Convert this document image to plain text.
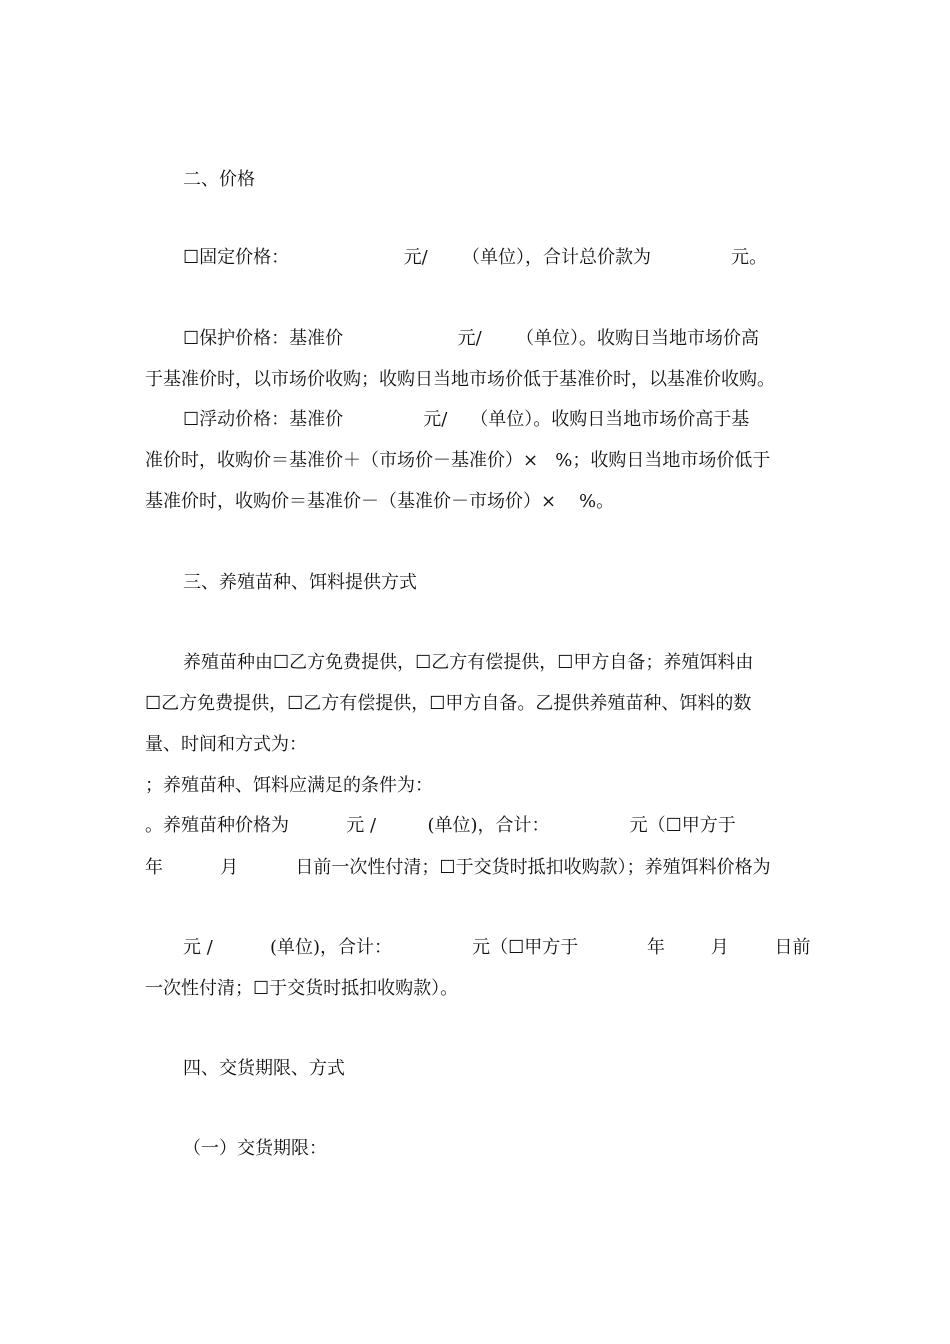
二、价格
☐固定价格：                    元/      （单位），合计总价款为              元。
☐保护价格：基准价                    元/      （单位）。收购日当地市场价高
于基准价时，以市场价收购；收购日当地市场价低于基准价时，以基准价收购。
☐浮动价格：基准价              元/    （单位）。收购日当地市场价高于基
准价时，收购价＝基准价＋（市场价－基准价）×   %；收购日当地市场价低于
基准价时，收购价＝基准价－（基准价－市场价）×    %。
三、养殖苗种、饵料提供方式
养殖苗种由☐乙方免费提供，☐乙方有偿提供，☐甲方自备；养殖饵料由
☐乙方免费提供，☐乙方有偿提供，☐甲方自备。乙提供养殖苗种、饵料的数
量、时间和方式为：
；养殖苗种、饵料应满足的条件为：
。养殖苗种价格为          元 /         (单位)，合计：              元（☐甲方于
年          月          日前一次性付清；☐于交货时抵扣收购款）；养殖饵料价格为
元 /          (单位)，合计：              元（☐甲方于            年        月        日前
一次性付清；☐于交货时抵扣收购款）。
四、交货期限、方式
（一）交货期限：
